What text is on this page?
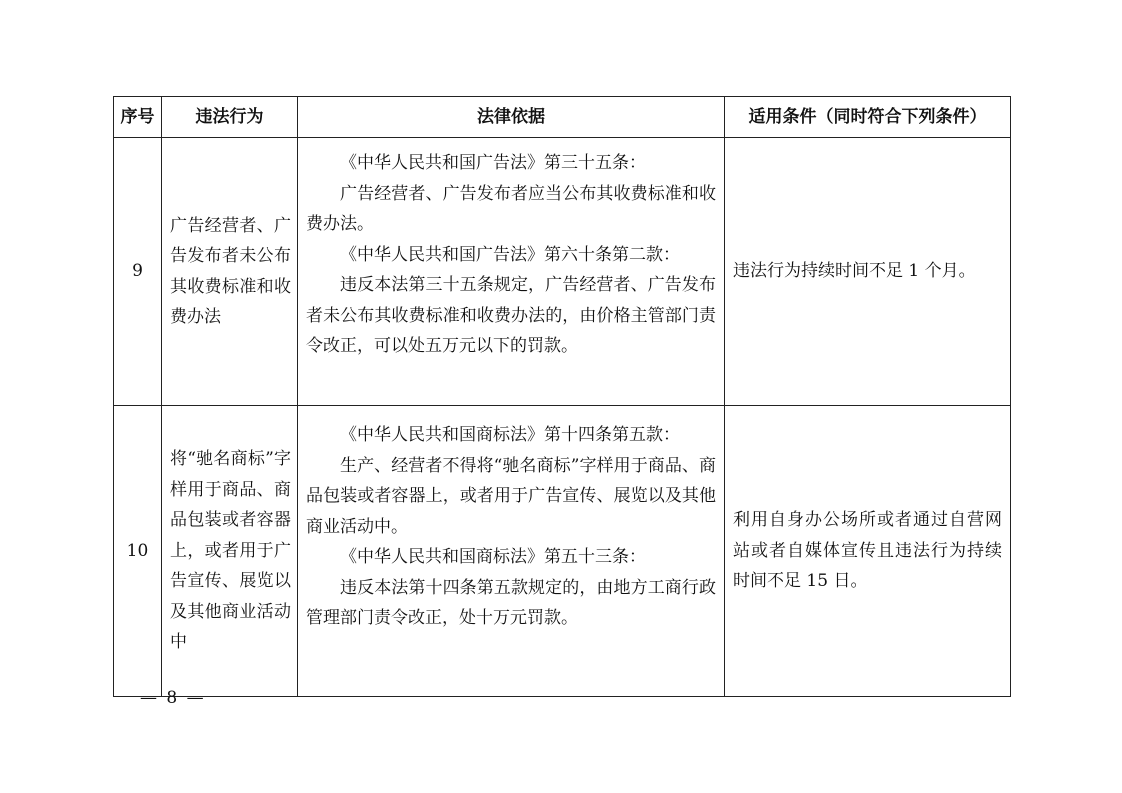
序号	违法行为	法律依据	适用条件（同时符合下列条件）
9	广告经营者、广告发布者未公布其收费标准和收费办法	《中华人民共和国广告法》第三十五条：

广告经营者、广告发布者应当公布其收费标准和收费办法。

《中华人民共和国广告法》第六十条第二款：

违反本法第三十五条规定，广告经营者、广告发布者未公布其收费标准和收费办法的，由价格主管部门责令改正，可以处五万元以下的罚款。	违法行为持续时间不足 1 个月。
10	将“驰名商标”字样用于商品、商品包装或者容器上，或者用于广告宣传、展览以及其他商业活动中	《中华人民共和国商标法》第十四条第五款：

生产、经营者不得将“驰名商标”字样用于商品、商品包装或者容器上，或者用于广告宣传、展览以及其他商业活动中。

《中华人民共和国商标法》第五十三条：

违反本法第十四条第五款规定的，由地方工商行政管理部门责令改正，处十万元罚款。	利用自身办公场所或者通过自营网站或者自媒体宣传且违法行为持续时间不足 15 日。
— 8 —
